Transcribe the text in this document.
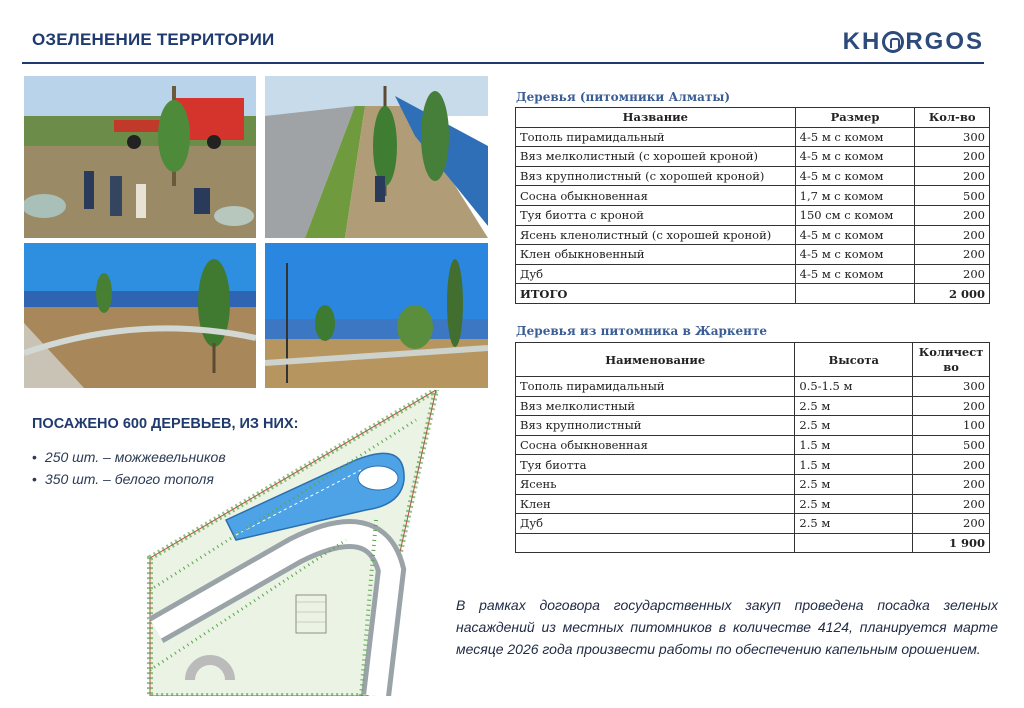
ОЗЕЛЕНЕНИЕ ТЕРРИТОРИИ	KH RGOS
Деревья (питомники Алматы)
Название	Размер	Кол-во
Тополь пирамидальный	4-5 м с комом	300
Вяз мелколистный (с хорошей кроной)	4-5 м с комом	200
Вяз крупнолистный (с хорошей кроной)	4-5 м с комом	200
Сосна обыкновенная	1,7 м с комом	500
Туя биотта с кроной	150 см с комом	200
Ясень кленолистный (с хорошей кроной)	4-5 м с комом	200
Клен обыкновенный	4-5 м с комом	200
Дуб	4-5 м с комом	200
ИТОГО		2 000
Деревья из питомника в Жаркенте
Наименование	Высота	Количество
Тополь пирамидальный	0.5-1.5 м	300
Вяз мелколистный	2.5 м	200
Вяз крупнолистный	2.5 м	100
Сосна обыкновенная	1.5 м	500
Туя биотта	1.5 м	200
Ясень	2.5 м	200
Клен	2.5 м	200
Дуб	2.5 м	200
		1 900
ПОСАЖЕНО 600 ДЕРЕВЬЕВ, ИЗ НИХ:
• 250 шт. – можжевельников
• 350 шт. – белого тополя
В рамках договора государственных закуп проведена посадка зеленых насаждений из местных питомников в количестве 4124, планируется марте месяце 2026 года произвести работы по обеспечению капельным орошением.
